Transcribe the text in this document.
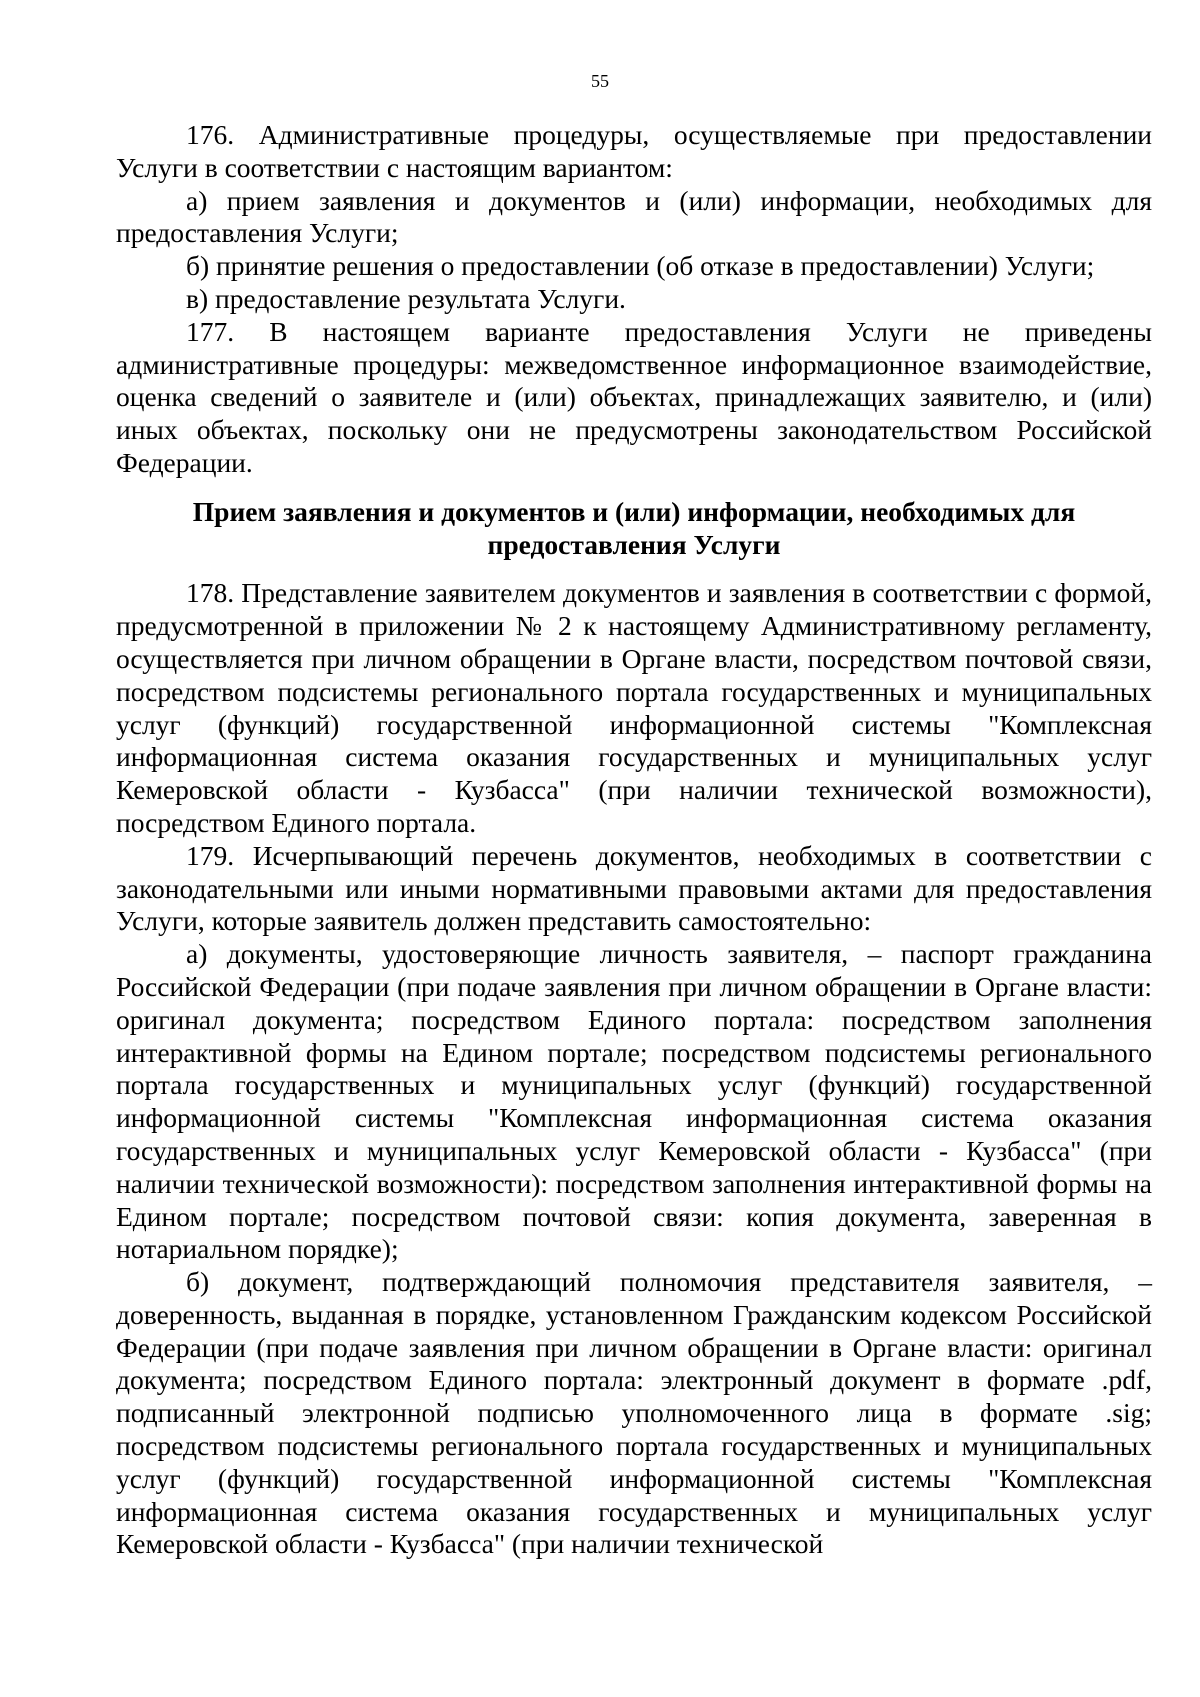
55

176. Административные процедуры, осуществляемые при предоставлении Услуги в соответствии с настоящим вариантом:

а) прием заявления и документов и (или) информации, необходимых для предоставления Услуги;

б) принятие решения о предоставлении (об отказе в предоставлении) Услуги;

в) предоставление результата Услуги.

177. В настоящем варианте предоставления Услуги не приведены административные процедуры: межведомственное информационное взаимодействие, оценка сведений о заявителе и (или) объектах, принадлежащих заявителю, и (или) иных объектах, поскольку они не предусмотрены законодательством Российской Федерации.

Прием заявления и документов и (или) информации, необходимых для предоставления Услуги

178. Представление заявителем документов и заявления в соответствии с формой, предусмотренной в приложении № 2 к настоящему Административному регламенту, осуществляется при личном обращении в Органе власти, посредством почтовой связи, посредством подсистемы регионального портала государственных и муниципальных услуг (функций) государственной информационной системы "Комплексная информационная система оказания государственных и муниципальных услуг Кемеровской области - Кузбасса" (при наличии технической возможности), посредством Единого портала.

179. Исчерпывающий перечень документов, необходимых в соответствии с законодательными или иными нормативными правовыми актами для предоставления Услуги, которые заявитель должен представить самостоятельно:

а) документы, удостоверяющие личность заявителя, – паспорт гражданина Российской Федерации (при подаче заявления при личном обращении в Органе власти: оригинал документа; посредством Единого портала: посредством заполнения интерактивной формы на Едином портале; посредством подсистемы регионального портала государственных и муниципальных услуг (функций) государственной информационной системы "Комплексная информационная система оказания государственных и муниципальных услуг Кемеровской области - Кузбасса" (при наличии технической возможности): посредством заполнения интерактивной формы на Едином портале; посредством почтовой связи: копия документа, заверенная в нотариальном порядке);

б) документ, подтверждающий полномочия представителя заявителя, – доверенность, выданная в порядке, установленном Гражданским кодексом Российской Федерации (при подаче заявления при личном обращении в Органе власти: оригинал документа; посредством Единого портала: электронный документ в формате .pdf, подписанный электронной подписью уполномоченного лица в формате .sig; посредством подсистемы регионального портала государственных и муниципальных услуг (функций) государственной информационной системы "Комплексная информационная система оказания государственных и муниципальных услуг Кемеровской области - Кузбасса" (при наличии технической
